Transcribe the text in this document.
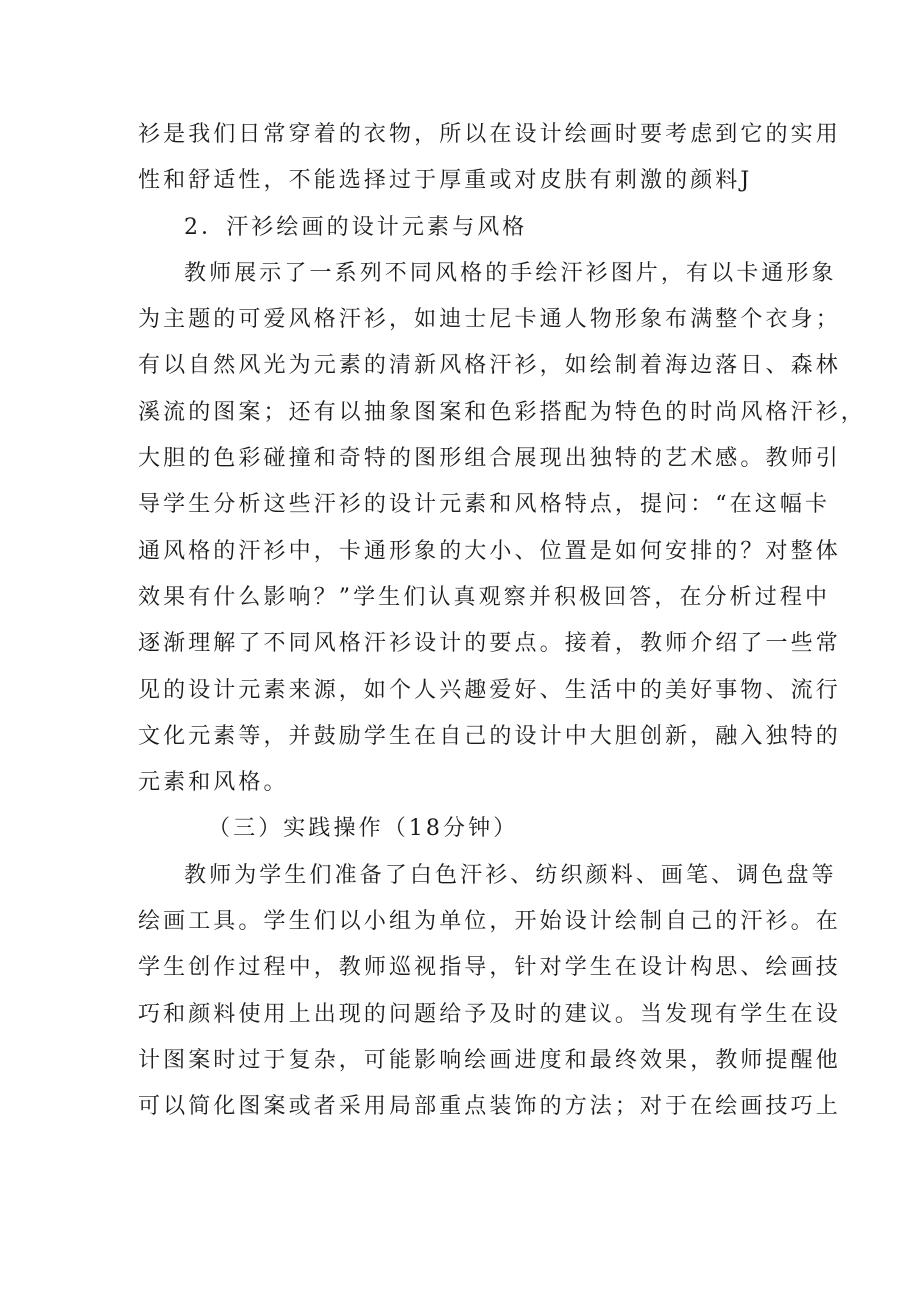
衫是我们日常穿着的衣物，所以在设计绘画时要考虑到它的实用
性和舒适性，不能选择过于厚重或对皮肤有刺激的颜料J
2．汗衫绘画的设计元素与风格
教师展示了一系列不同风格的手绘汗衫图片，有以卡通形象
为主题的可爱风格汗衫，如迪士尼卡通人物形象布满整个衣身；
有以自然风光为元素的清新风格汗衫，如绘制着海边落日、森林
溪流的图案；还有以抽象图案和色彩搭配为特色的时尚风格汗衫，
大胆的色彩碰撞和奇特的图形组合展现出独特的艺术感。教师引
导学生分析这些汗衫的设计元素和风格特点，提问：“在这幅卡
通风格的汗衫中，卡通形象的大小、位置是如何安排的？对整体
效果有什么影响？”学生们认真观察并积极回答，在分析过程中
逐渐理解了不同风格汗衫设计的要点。接着，教师介绍了一些常
见的设计元素来源，如个人兴趣爱好、生活中的美好事物、流行
文化元素等，并鼓励学生在自己的设计中大胆创新，融入独特的
元素和风格。
（三）实践操作（18分钟）
教师为学生们准备了白色汗衫、纺织颜料、画笔、调色盘等
绘画工具。学生们以小组为单位，开始设计绘制自己的汗衫。在
学生创作过程中，教师巡视指导，针对学生在设计构思、绘画技
巧和颜料使用上出现的问题给予及时的建议。当发现有学生在设
计图案时过于复杂，可能影响绘画进度和最终效果，教师提醒他
可以简化图案或者采用局部重点装饰的方法；对于在绘画技巧上
